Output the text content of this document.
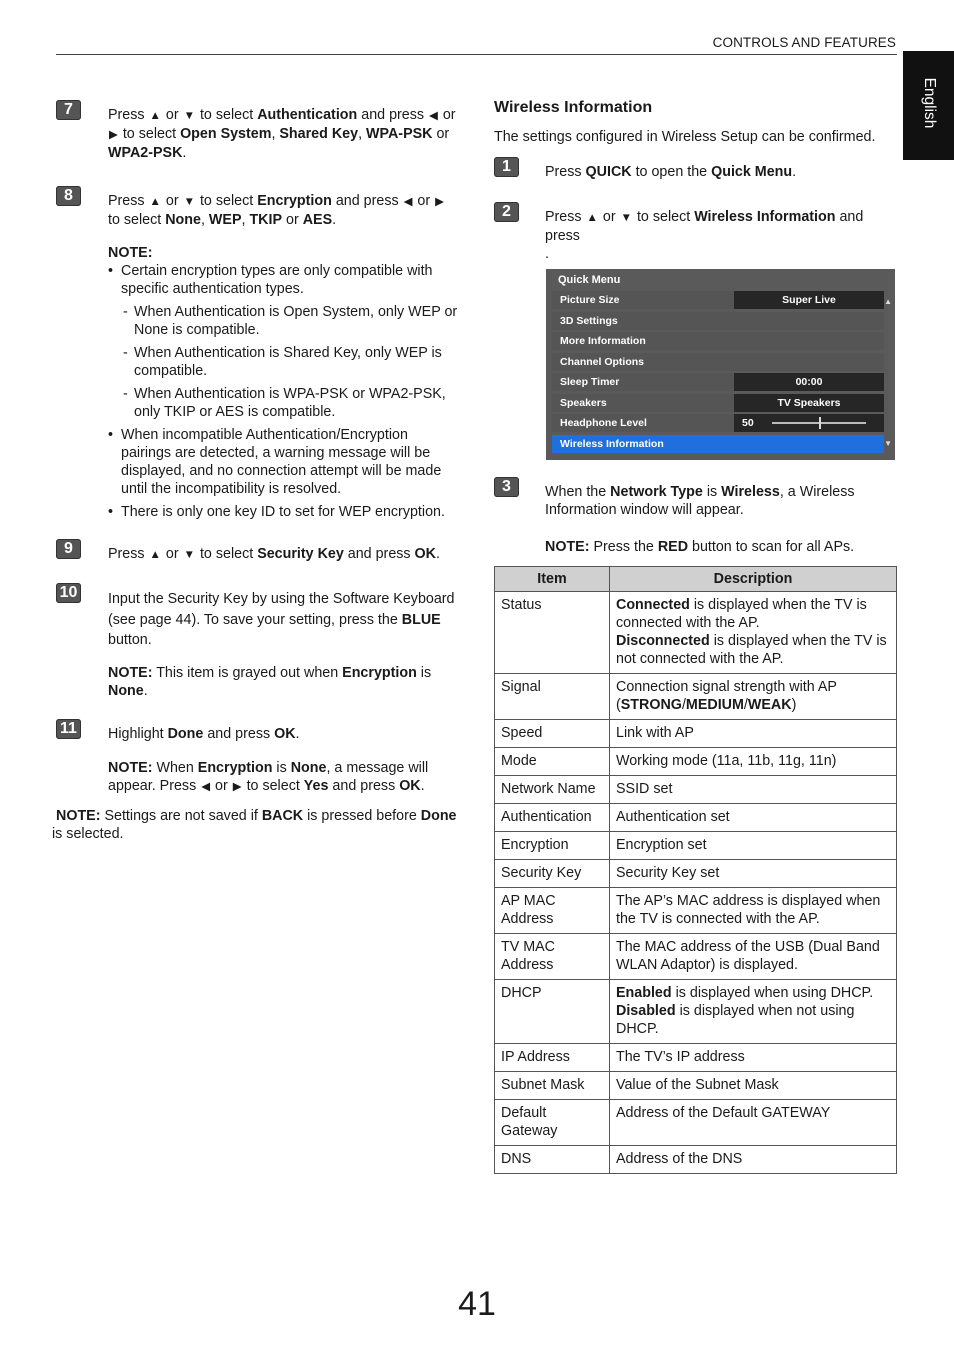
CONTROLS AND FEATURES
English
7	Press ▲ or ▼ to select Authentication and press ◀ or
▶ to select Open System, Shared Key, WPA-PSK or
WPA2-PSK.
8	Press ▲ or ▼ to select Encryption and press ◀ or ▶
to select None, WEP, TKIP or AES.
NOTE:
• Certain encryption types are only compatible with specific authentication types.
- When Authentication is Open System, only WEP or None is compatible.
- When Authentication is Shared Key, only WEP is compatible.
- When Authentication is WPA-PSK or WPA2-PSK, only TKIP or AES is compatible.
• When incompatible Authentication/Encryption pairings are detected, a warning message will be displayed, and no connection attempt will be made until the incompatibility is resolved.
• There is only one key ID to set for WEP encryption.
9	Press ▲ or ▼ to select Security Key and press OK.
10 Input the Security Key by using the Software Keyboard (see page 44). To save your setting, press the BLUE button.
NOTE: This item is grayed out when Encryption is
None.
11 Highlight Done and press OK.
NOTE: When Encryption is None, a message will appear. Press ◀ or ▶ to select Yes and press OK.
NOTE: Settings are not saved if BACK is pressed before Done
is selected.
Wireless Information
The settings configured in Wireless Setup can be confirmed.
1	Press QUICK to open the Quick Menu.
2	Press ▲ or ▼ to select Wireless Information and press
.
Quick Menu
Picture Size	Super Live
3D Settings
More Information
Channel Options
Sleep Timer	00:00
Speakers	TV Speakers
Headphone Level	50
Wireless Information
▲
▼
3	When the Network Type is Wireless, a Wireless Information window will appear.
NOTE: Press the RED button to scan for all APs.
Item	Description
Status	Connected is displayed when the TV is connected with the AP.
Disconnected is displayed when the TV is not connected with the AP.
Signal	Connection signal strength with AP (STRONG/MEDIUM/WEAK)
Speed	Link with AP
Mode	Working mode (11a, 11b, 11g, 11n)
Network Name	SSID set
Authentication	Authentication set
Encryption	Encryption set
Security Key	Security Key set
AP MAC Address	The AP’s MAC address is displayed when the TV is connected with the AP.
TV MAC Address	The MAC address of the USB (Dual Band WLAN Adaptor) is displayed.
DHCP	Enabled is displayed when using DHCP.
Disabled is displayed when not using DHCP.
IP Address	The TV’s IP address
Subnet Mask	Value of the Subnet Mask
Default Gateway	Address of the Default GATEWAY
DNS	Address of the DNS
41
